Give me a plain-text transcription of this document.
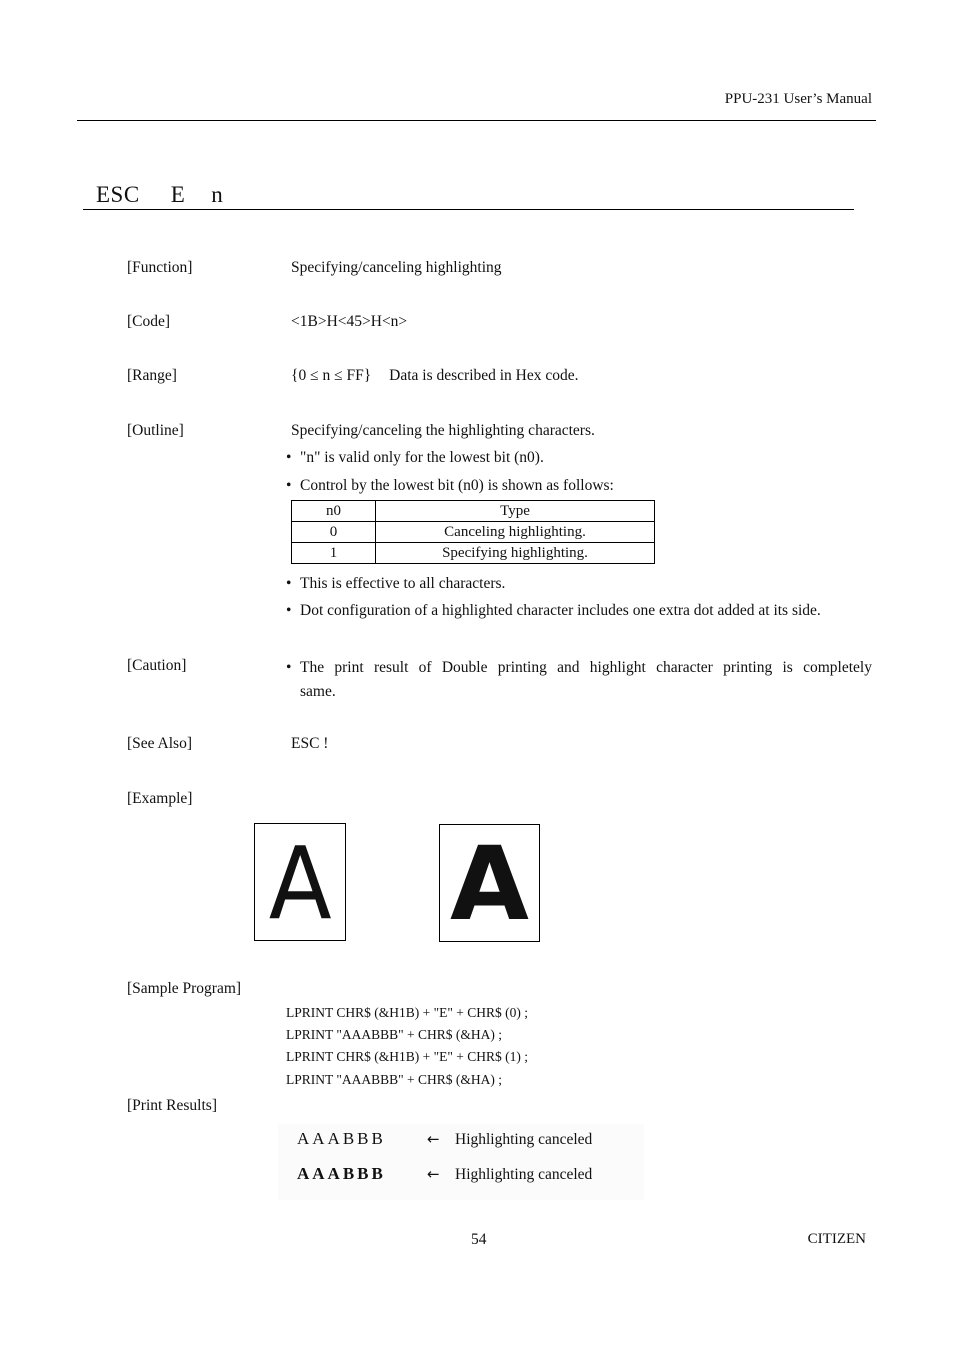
PPU-231 User’s Manual
ESC E n
[Function]	Specifying/canceling highlighting
[Code]	<1B>H<45>H<n>
[Range]	{0 ≤ n ≤ FF} Data is described in Hex code.
[Outline]	Specifying/canceling the highlighting characters.
• "n" is valid only for the lowest bit (n0).
• Control by the lowest bit (n0) is shown as follows:
n0	Type
0	Canceling highlighting.
1	Specifying highlighting.
• This is effective to all characters.
• Dot configuration of a highlighted character includes one extra dot added at its side.
[Caution]	• The print result of Double printing and highlight character printing is completely
same.
[See Also]	ESC !
[Example]
A A
[Sample Program]
LPRINT CHR$ (&H1B) + "E" + CHR$ (0) ;
LPRINT "AAABBB" + CHR$ (&HA) ;
LPRINT CHR$ (&H1B) + "E" + CHR$ (1) ;
LPRINT "AAABBB" + CHR$ (&HA) ;
[Print Results]
AAABBB	← Highlighting canceled
AAABBB	← Highlighting canceled
54	CITIZEN
